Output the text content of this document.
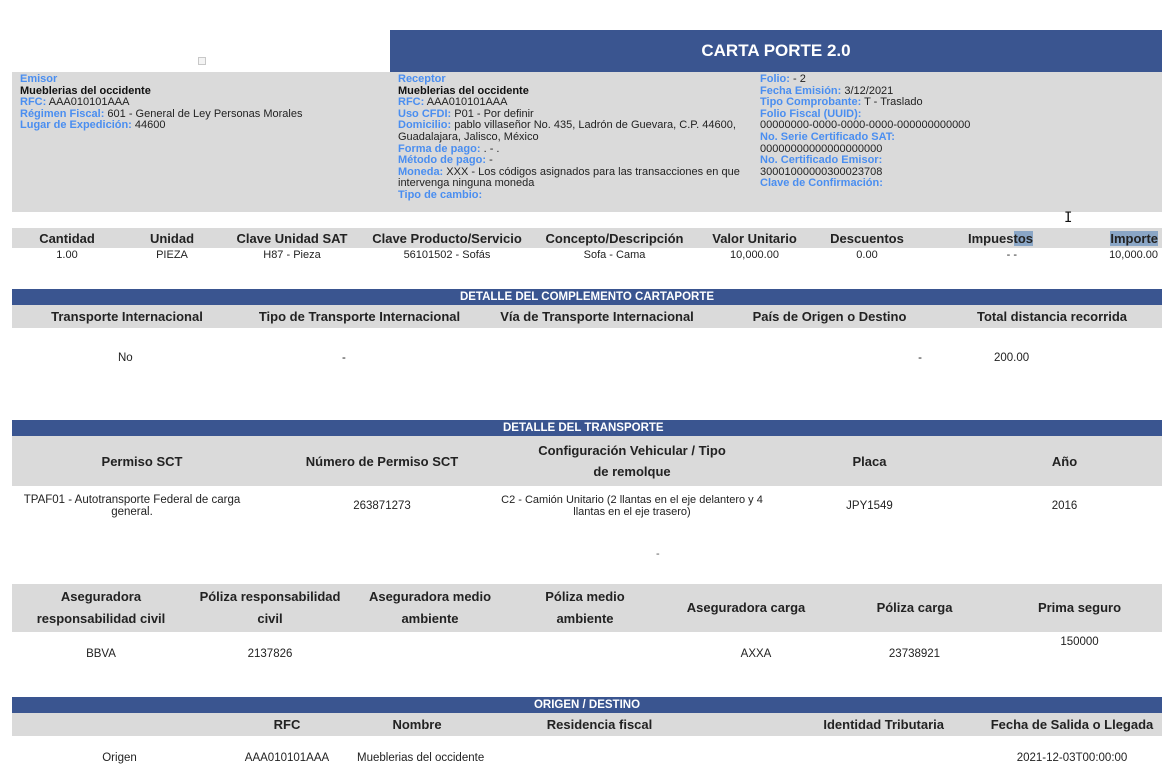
CARTA PORTE 2.0
Emisor
Mueblerias del occidente
RFC: AAA010101AAA
Régimen Fiscal: 601 - General de Ley Personas Morales
Lugar de Expedición: 44600
Receptor
Mueblerias del occidente
RFC: AAA010101AAA
Uso CFDI: P01 - Por definir
Domicilio: pablo villaseñor No. 435, Ladrón de Guevara, C.P. 44600, Guadalajara, Jalisco, México
Forma de pago: . - .
Método de pago: -
Moneda: XXX - Los códigos asignados para las transacciones en que intervenga ninguna moneda
Tipo de cambio:
Folio: - 2
Fecha Emisión: 3/12/2021
Tipo Comprobante: T - Traslado
Folio Fiscal (UUID):
00000000-0000-0000-0000-000000000000
No. Serie Certificado SAT:
00000000000000000000
No. Certificado Emisor:
30001000000300023708
Clave de Confirmación:
I
Cantidad	Unidad	Clave Unidad SAT	Clave Producto/Servicio	Concepto/Descripción	Valor Unitario	Descuentos	Impuestos	Importe
1.00	PIEZA	H87 - Pieza	56101502 - Sofás	Sofa - Cama	10,000.00	0.00	- -	10,000.00
DETALLE DEL COMPLEMENTO CARTAPORTE
Transporte Internacional	Tipo de Transporte Internacional	Vía de Transporte Internacional	País de Origen o Destino	Total distancia recorrida
No	-		-	200.00
DETALLE DEL TRANSPORTE
Permiso SCT	Número de Permiso SCT	Configuración Vehicular / Tipo de remolque	Placa	Año
TPAF01 - Autotransporte Federal de carga general.	263871273	C2 - Camión Unitario (2 llantas en el eje delantero y 4 llantas en el eje trasero)	JPY1549	2016
-
Aseguradora responsabilidad civil	Póliza responsabilidad civil	Aseguradora medio ambiente	Póliza medio ambiente	Aseguradora carga	Póliza carga	Prima seguro
BBVA	2137826			AXXA	23738921	150000
ORIGEN / DESTINO
	RFC	Nombre	Residencia fiscal	Identidad Tributaria	Fecha de Salida o Llegada
Origen	AAA010101AAA	Mueblerias del occidente			2021-12-03T00:00:00
